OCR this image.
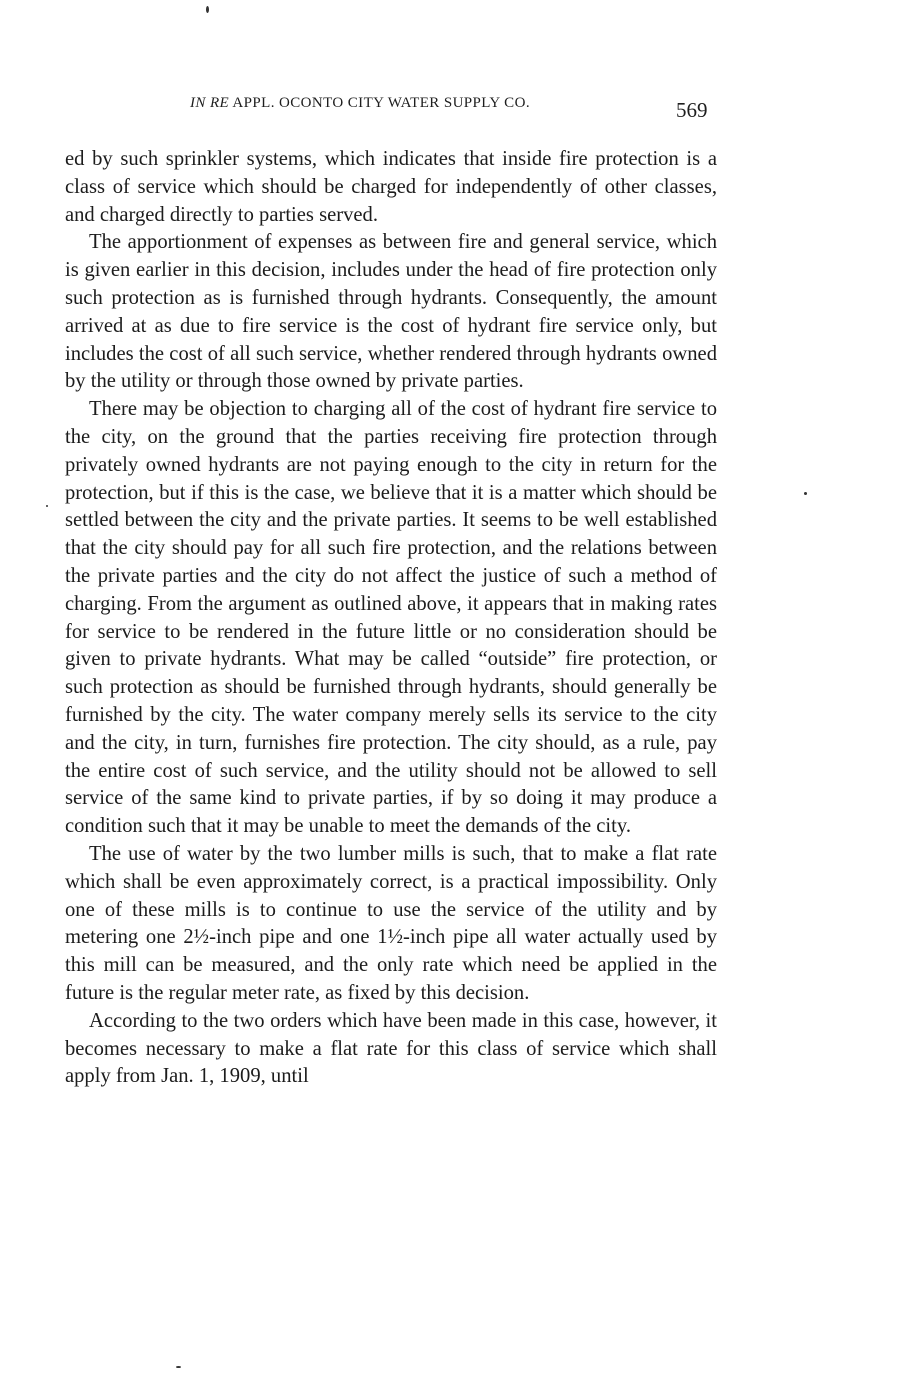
IN RE APPL. OCONTO CITY WATER SUPPLY CO.	569

ed by such sprinkler systems, which indicates that inside fire protection is a class of service which should be charged for independently of other classes, and charged directly to parties served.

The apportionment of expenses as between fire and general service, which is given earlier in this decision, includes under the head of fire protection only such protection as is furnished through hydrants. Consequently, the amount arrived at as due to fire service is the cost of hydrant fire service only, but includes the cost of all such service, whether rendered through hydrants owned by the utility or through those owned by private parties.

There may be objection to charging all of the cost of hydrant fire service to the city, on the ground that the parties receiving fire protection through privately owned hydrants are not paying enough to the city in return for the protection, but if this is the case, we believe that it is a matter which should be settled between the city and the private parties. It seems to be well established that the city should pay for all such fire protection, and the relations between the private parties and the city do not affect the justice of such a method of charging. From the argument as outlined above, it appears that in making rates for service to be rendered in the future little or no consideration should be given to private hydrants. What may be called “outside” fire protection, or such protection as should be furnished through hydrants, should generally be furnished by the city. The water company merely sells its service to the city and the city, in turn, furnishes fire protection. The city should, as a rule, pay the entire cost of such service, and the utility should not be allowed to sell service of the same kind to private parties, if by so doing it may produce a condition such that it may be unable to meet the demands of the city.

The use of water by the two lumber mills is such, that to make a flat rate which shall be even approximately correct, is a practical impossibility. Only one of these mills is to continue to use the service of the utility and by metering one 2½-inch pipe and one 1½-inch pipe all water actually used by this mill can be measured, and the only rate which need be applied in the future is the regular meter rate, as fixed by this decision.

According to the two orders which have been made in this case, however, it becomes necessary to make a flat rate for this class of service which shall apply from Jan. 1, 1909, until
